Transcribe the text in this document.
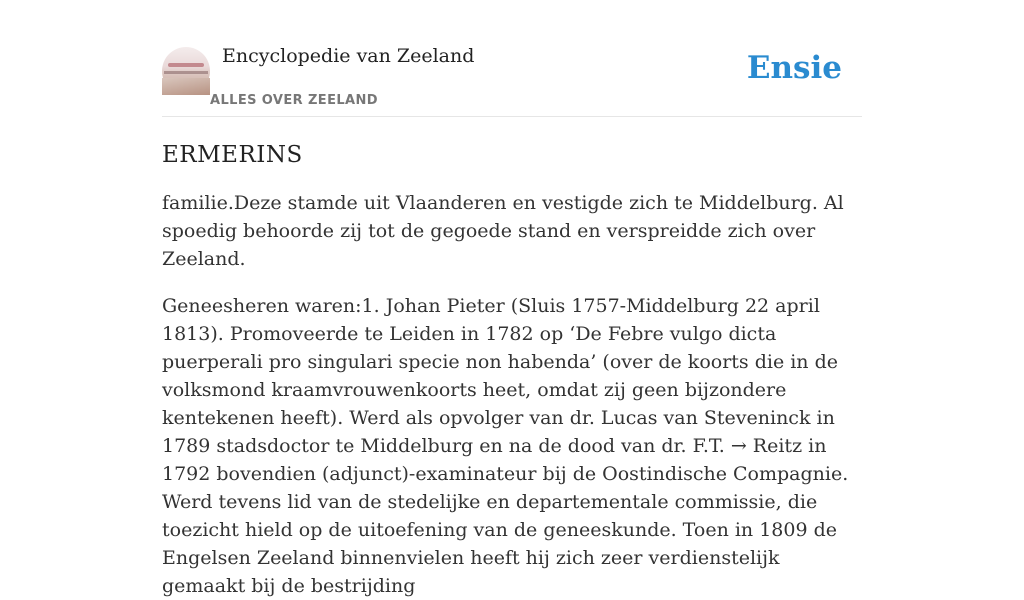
Encyclopedie van Zeeland
ALLES OVER ZEELAND
Ensie
ERMERINS

familie.Deze stamde uit Vlaanderen en vestigde zich te Middelburg. Al spoedig behoorde zij tot de gegoede stand en verspreidde zich over Zeeland.

Geneesheren waren:1. Johan Pieter (Sluis 1757-Middelburg 22 april 1813). Promoveerde te Leiden in 1782 op ‘De Febre vulgo dicta puerperali pro singulari specie non habenda’ (over de koorts die in de volksmond kraamvrouwenkoorts heet, omdat zij geen bijzondere kentekenen heeft). Werd als opvolger van dr. Lucas van Steveninck in 1789 stadsdoctor te Middelburg en na de dood van dr. F.T. → Reitz in 1792 bovendien (adjunct)-examinateur bij de Oostindische Compagnie. Werd tevens lid van de stedelijke en departementale commissie, die toezicht hield op de uitoefening van de geneeskunde. Toen in 1809 de Engelsen Zeeland binnenvielen heeft hij zich zeer verdienstelijk gemaakt bij de bestrijding
